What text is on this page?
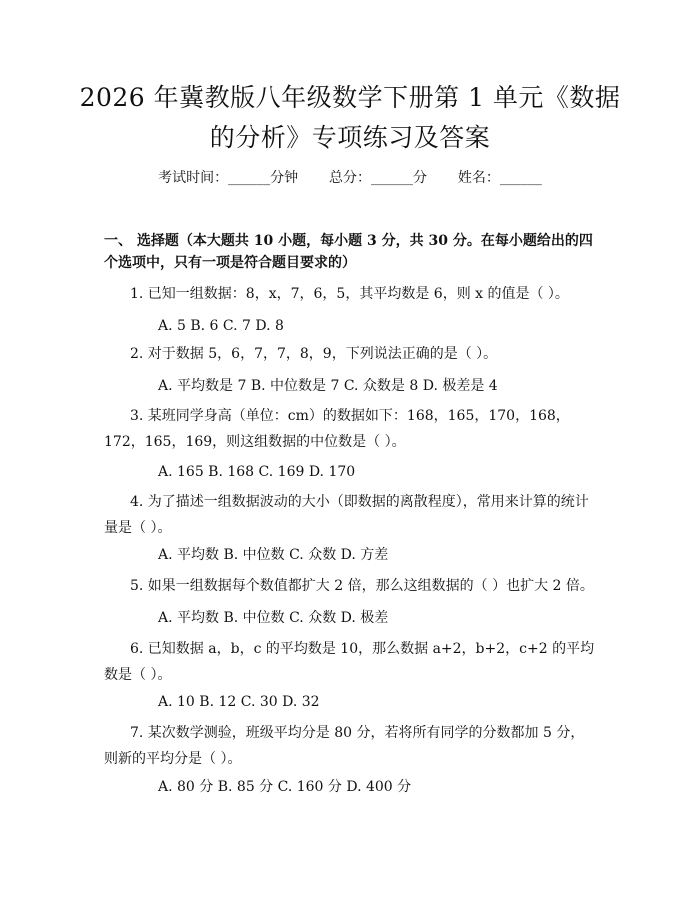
2026 年冀教版八年级数学下册第 1 单元《数据的分析》专项练习及答案
考试时间：______分钟 总分：______分 姓名：______
一、 选择题（本大题共 10 小题，每小题 3 分，共 30 分。在每小题给出的四个选项中，只有一项是符合题目要求的）
1. 已知一组数据：8，x，7，6，5，其平均数是 6，则 x 的值是（ ）。
A. 5 B. 6 C. 7 D. 8
2. 对于数据 5，6，7，7，8，9，下列说法正确的是（ ）。
A. 平均数是 7 B. 中位数是 7 C. 众数是 8 D. 极差是 4
3. 某班同学身高（单位：cm）的数据如下：168，165，170，168，172，165，169，则这组数据的中位数是（ ）。
A. 165 B. 168 C. 169 D. 170
4. 为了描述一组数据波动的大小（即数据的离散程度），常用来计算的统计量是（ ）。
A. 平均数 B. 中位数 C. 众数 D. 方差
5. 如果一组数据每个数值都扩大 2 倍，那么这组数据的（ ）也扩大 2 倍。
A. 平均数 B. 中位数 C. 众数 D. 极差
6. 已知数据 a，b，c 的平均数是 10，那么数据 a+2，b+2，c+2 的平均数是（ ）。
A. 10 B. 12 C. 30 D. 32
7. 某次数学测验，班级平均分是 80 分，若将所有同学的分数都加 5 分，则新的平均分是（ ）。
A. 80 分 B. 85 分 C. 160 分 D. 400 分
